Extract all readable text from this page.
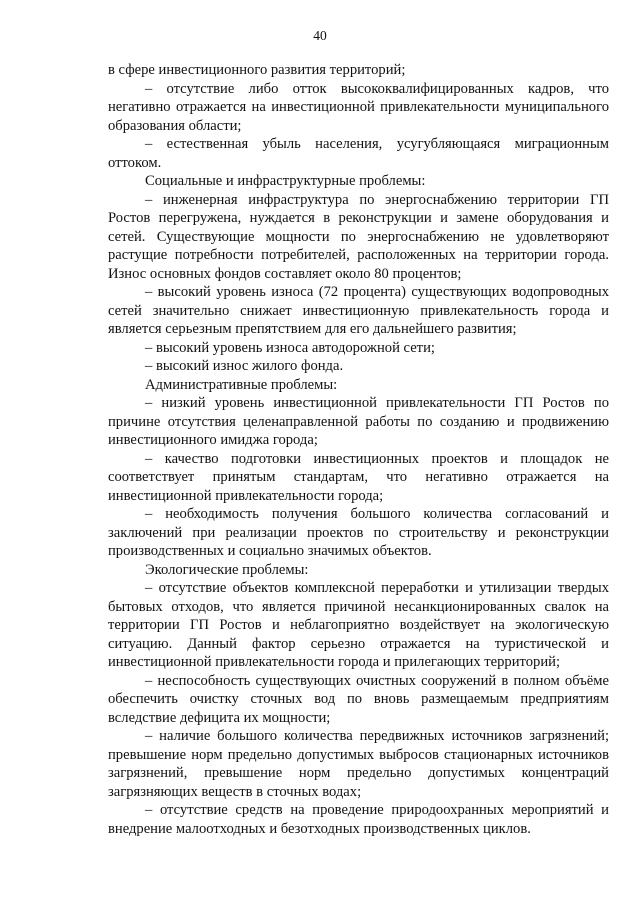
40

в сфере инвестиционного развития территорий;

– отсутствие либо отток высококвалифицированных кадров, что негативно отражается на инвестиционной привлекательности муниципального образования области;

– естественная убыль населения, усугубляющаяся миграционным оттоком.

Социальные и инфраструктурные проблемы:

– инженерная инфраструктура по энергоснабжению территории ГП Ростов перегружена, нуждается в реконструкции и замене оборудования и сетей. Существующие мощности по энергоснабжению не удовлетворяют растущие потребности потребителей, расположенных на территории города. Износ основных фондов составляет около 80 процентов;

– высокий уровень износа (72 процента) существующих водопроводных сетей значительно снижает инвестиционную привлекательность города и является серьезным препятствием для его дальнейшего развития;

– высокий уровень износа автодорожной сети;

– высокий износ жилого фонда.

Административные проблемы:

– низкий уровень инвестиционной привлекательности ГП Ростов по причине отсутствия целенаправленной работы по созданию и продвижению инвестиционного имиджа города;

– качество подготовки инвестиционных проектов и площадок не соответствует принятым стандартам, что негативно отражается на инвестиционной привлекательности города;

– необходимость получения большого количества согласований и заключений при реализации проектов по строительству и реконструкции производственных и социально значимых объектов.

Экологические проблемы:

– отсутствие объектов комплексной переработки и утилизации твердых бытовых отходов, что является причиной несанкционированных свалок на территории ГП Ростов и неблагоприятно воздействует на экологическую ситуацию. Данный фактор серьезно отражается на туристической и инвестиционной привлекательности города и прилегающих территорий;

– неспособность существующих очистных сооружений в полном объёме обеспечить очистку сточных вод по вновь размещаемым предприятиям вследствие дефицита их мощности;

– наличие большого количества передвижных источников загрязнений; превышение норм предельно допустимых выбросов стационарных источников загрязнений, превышение норм предельно допустимых концентраций загрязняющих веществ в сточных водах;

– отсутствие средств на проведение природоохранных мероприятий и внедрение малоотходных и безотходных производственных циклов.
